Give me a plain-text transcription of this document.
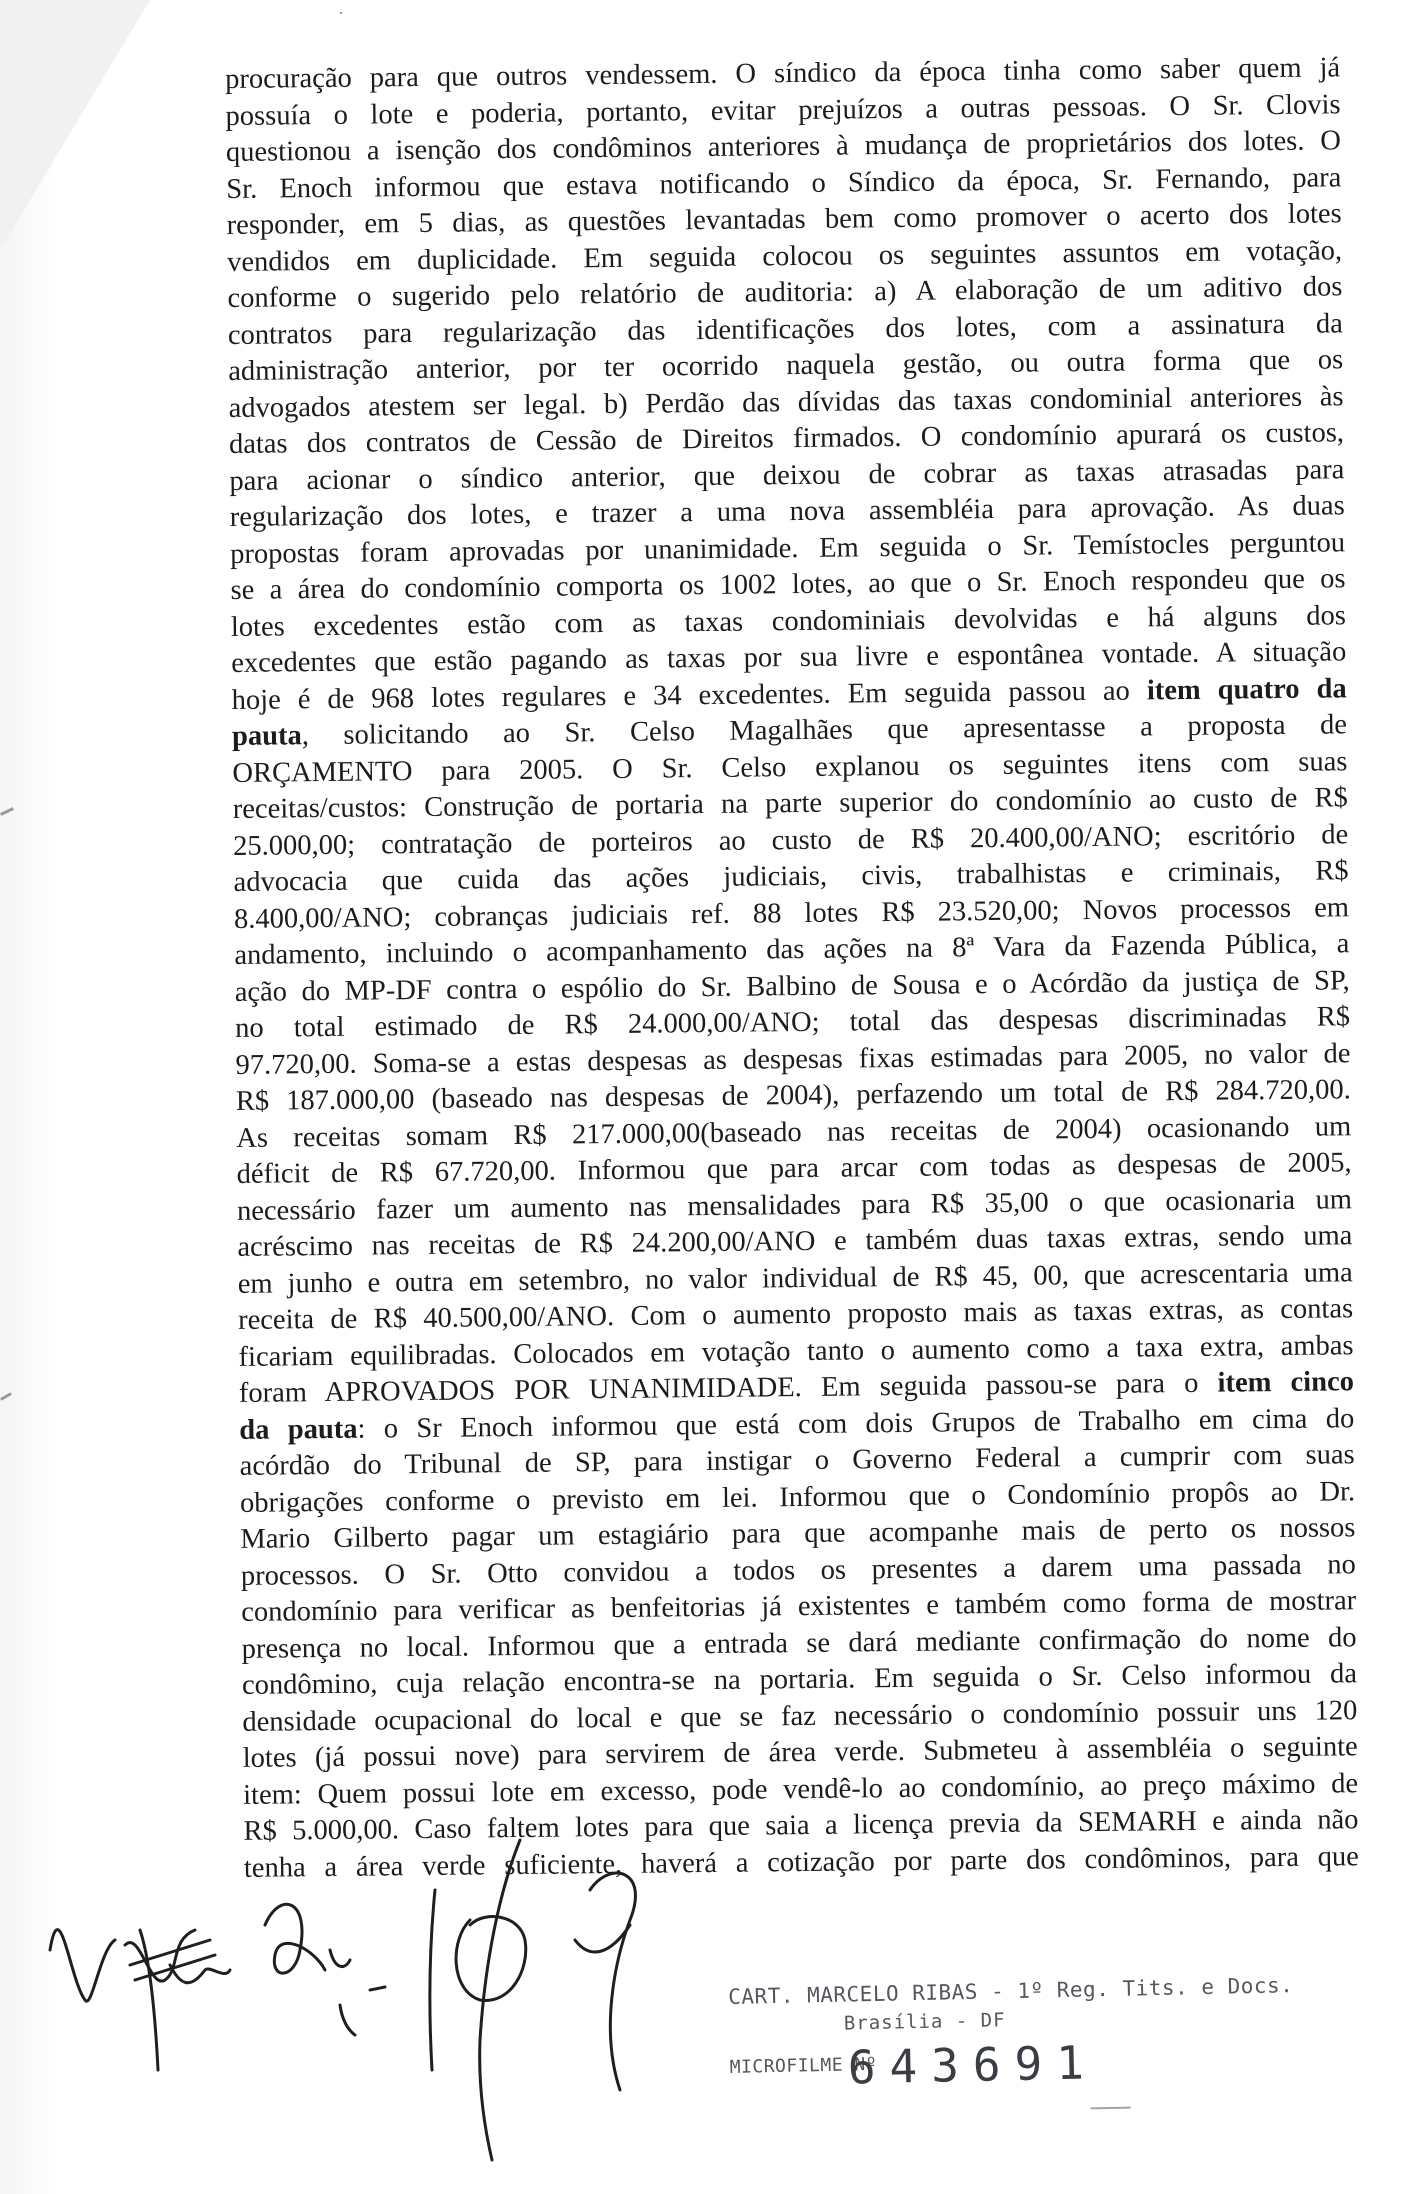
procuração para que outros vendessem. O síndico da época tinha como saber quem já
possuía o lote e poderia, portanto, evitar prejuízos a outras pessoas. O Sr. Clovis
questionou a isenção dos condôminos anteriores à mudança de proprietários dos lotes. O
Sr. Enoch informou que estava notificando o Síndico da época, Sr. Fernando, para
responder, em 5 dias, as questões levantadas bem como promover o acerto dos lotes
vendidos em duplicidade. Em seguida colocou os seguintes assuntos em votação,
conforme o sugerido pelo relatório de auditoria: a) A elaboração de um aditivo dos
contratos para regularização das identificações dos lotes, com a assinatura da
administração anterior, por ter ocorrido naquela gestão, ou outra forma que os
advogados atestem ser legal. b) Perdão das dívidas das taxas condominial anteriores às
datas dos contratos de Cessão de Direitos firmados. O condomínio apurará os custos,
para acionar o síndico anterior, que deixou de cobrar as taxas atrasadas para
regularização dos lotes, e trazer a uma nova assembléia para aprovação. As duas
propostas foram aprovadas por unanimidade. Em seguida o Sr. Temístocles perguntou
se a área do condomínio comporta os 1002 lotes, ao que o Sr. Enoch respondeu que os
lotes excedentes estão com as taxas condominiais devolvidas e há alguns dos
excedentes que estão pagando as taxas por sua livre e espontânea vontade. A situação
hoje é de 968 lotes regulares e 34 excedentes. Em seguida passou ao item quatro da
pauta, solicitando ao Sr. Celso Magalhães que apresentasse a proposta de
ORÇAMENTO para 2005. O Sr. Celso explanou os seguintes itens com suas
receitas/custos: Construção de portaria na parte superior do condomínio ao custo de R$
25.000,00; contratação de porteiros ao custo de R$ 20.400,00/ANO; escritório de
advocacia que cuida das ações judiciais, civis, trabalhistas e criminais, R$
8.400,00/ANO; cobranças judiciais ref. 88 lotes R$ 23.520,00; Novos processos em
andamento, incluindo o acompanhamento das ações na 8ª Vara da Fazenda Pública, a
ação do MP-DF contra o espólio do Sr. Balbino de Sousa e o Acórdão da justiça de SP,
no total estimado de R$ 24.000,00/ANO; total das despesas discriminadas R$
97.720,00. Soma-se a estas despesas as despesas fixas estimadas para 2005, no valor de
R$ 187.000,00 (baseado nas despesas de 2004), perfazendo um total de R$ 284.720,00.
As receitas somam R$ 217.000,00(baseado nas receitas de 2004) ocasionando um
déficit de R$ 67.720,00. Informou que para arcar com todas as despesas de 2005,
necessário fazer um aumento nas mensalidades para R$ 35,00 o que ocasionaria um
acréscimo nas receitas de R$ 24.200,00/ANO e também duas taxas extras, sendo uma
em junho e outra em setembro, no valor individual de R$ 45, 00, que acrescentaria uma
receita de R$ 40.500,00/ANO. Com o aumento proposto mais as taxas extras, as contas
ficariam equilibradas. Colocados em votação tanto o aumento como a taxa extra, ambas
foram APROVADOS POR UNANIMIDADE. Em seguida passou-se para o item cinco
da pauta: o Sr Enoch informou que está com dois Grupos de Trabalho em cima do
acórdão do Tribunal de SP, para instigar o Governo Federal a cumprir com suas
obrigações conforme o previsto em lei. Informou que o Condomínio propôs ao Dr.
Mario Gilberto pagar um estagiário para que acompanhe mais de perto os nossos
processos. O Sr. Otto convidou a todos os presentes a darem uma passada no
condomínio para verificar as benfeitorias já existentes e também como forma de mostrar
presença no local. Informou que a entrada se dará mediante confirmação do nome do
condômino, cuja relação encontra-se na portaria. Em seguida o Sr. Celso informou da
densidade ocupacional do local e que se faz necessário o condomínio possuir uns 120
lotes (já possui nove) para servirem de área verde. Submeteu à assembléia o seguinte
item: Quem possui lote em excesso, pode vendê-lo ao condomínio, ao preço máximo de
R$ 5.000,00. Caso faltem lotes para que saia a licença previa da SEMARH e ainda não
tenha a área verde suficiente, haverá a cotização por parte dos condôminos, para que
CART. MARCELO RIBAS - 1º Reg. Tits. e Docs.
Brasília - DF
MICROFILME Nº
643691
